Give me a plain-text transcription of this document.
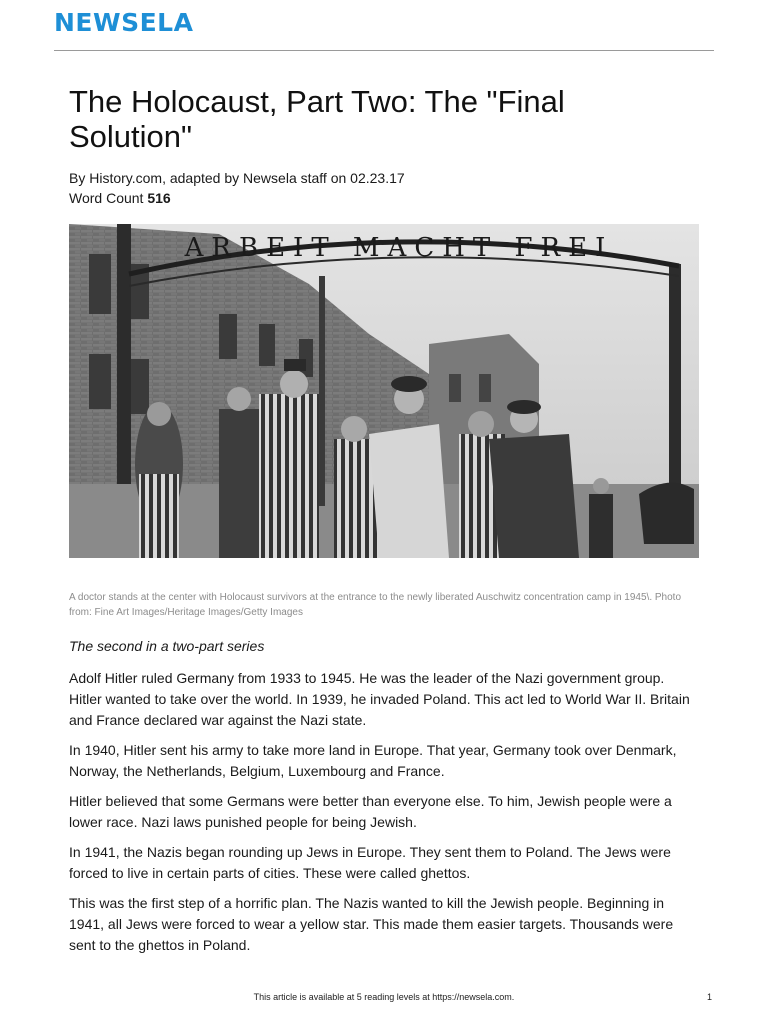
NEWSELA
The Holocaust, Part Two: The "Final Solution"
By History.com, adapted by Newsela staff on 02.23.17
Word Count 516
ARBEIT MACHT FREI
A doctor stands at the center with Holocaust survivors at the entrance to the newly liberated Auschwitz concentration camp in 1945\. Photo from: Fine Art Images/Heritage Images/Getty Images
The second in a two-part series

Adolf Hitler ruled Germany from 1933 to 1945. He was the leader of the Nazi government group. Hitler wanted to take over the world. In 1939, he invaded Poland. This act led to World War II. Britain and France declared war against the Nazi state.

In 1940, Hitler sent his army to take more land in Europe. That year, Germany took over Denmark, Norway, the Netherlands, Belgium, Luxembourg and France.

Hitler believed that some Germans were better than everyone else. To him, Jewish people were a lower race. Nazi laws punished people for being Jewish.

In 1941, the Nazis began rounding up Jews in Europe. They sent them to Poland. The Jews were forced to live in certain parts of cities. These were called ghettos.

This was the first step of a horrific plan. The Nazis wanted to kill the Jewish people. Beginning in 1941, all Jews were forced to wear a yellow star. This made them easier targets. Thousands were sent to the ghettos in Poland.

This article is available at 5 reading levels at https://newsela.com.	1
